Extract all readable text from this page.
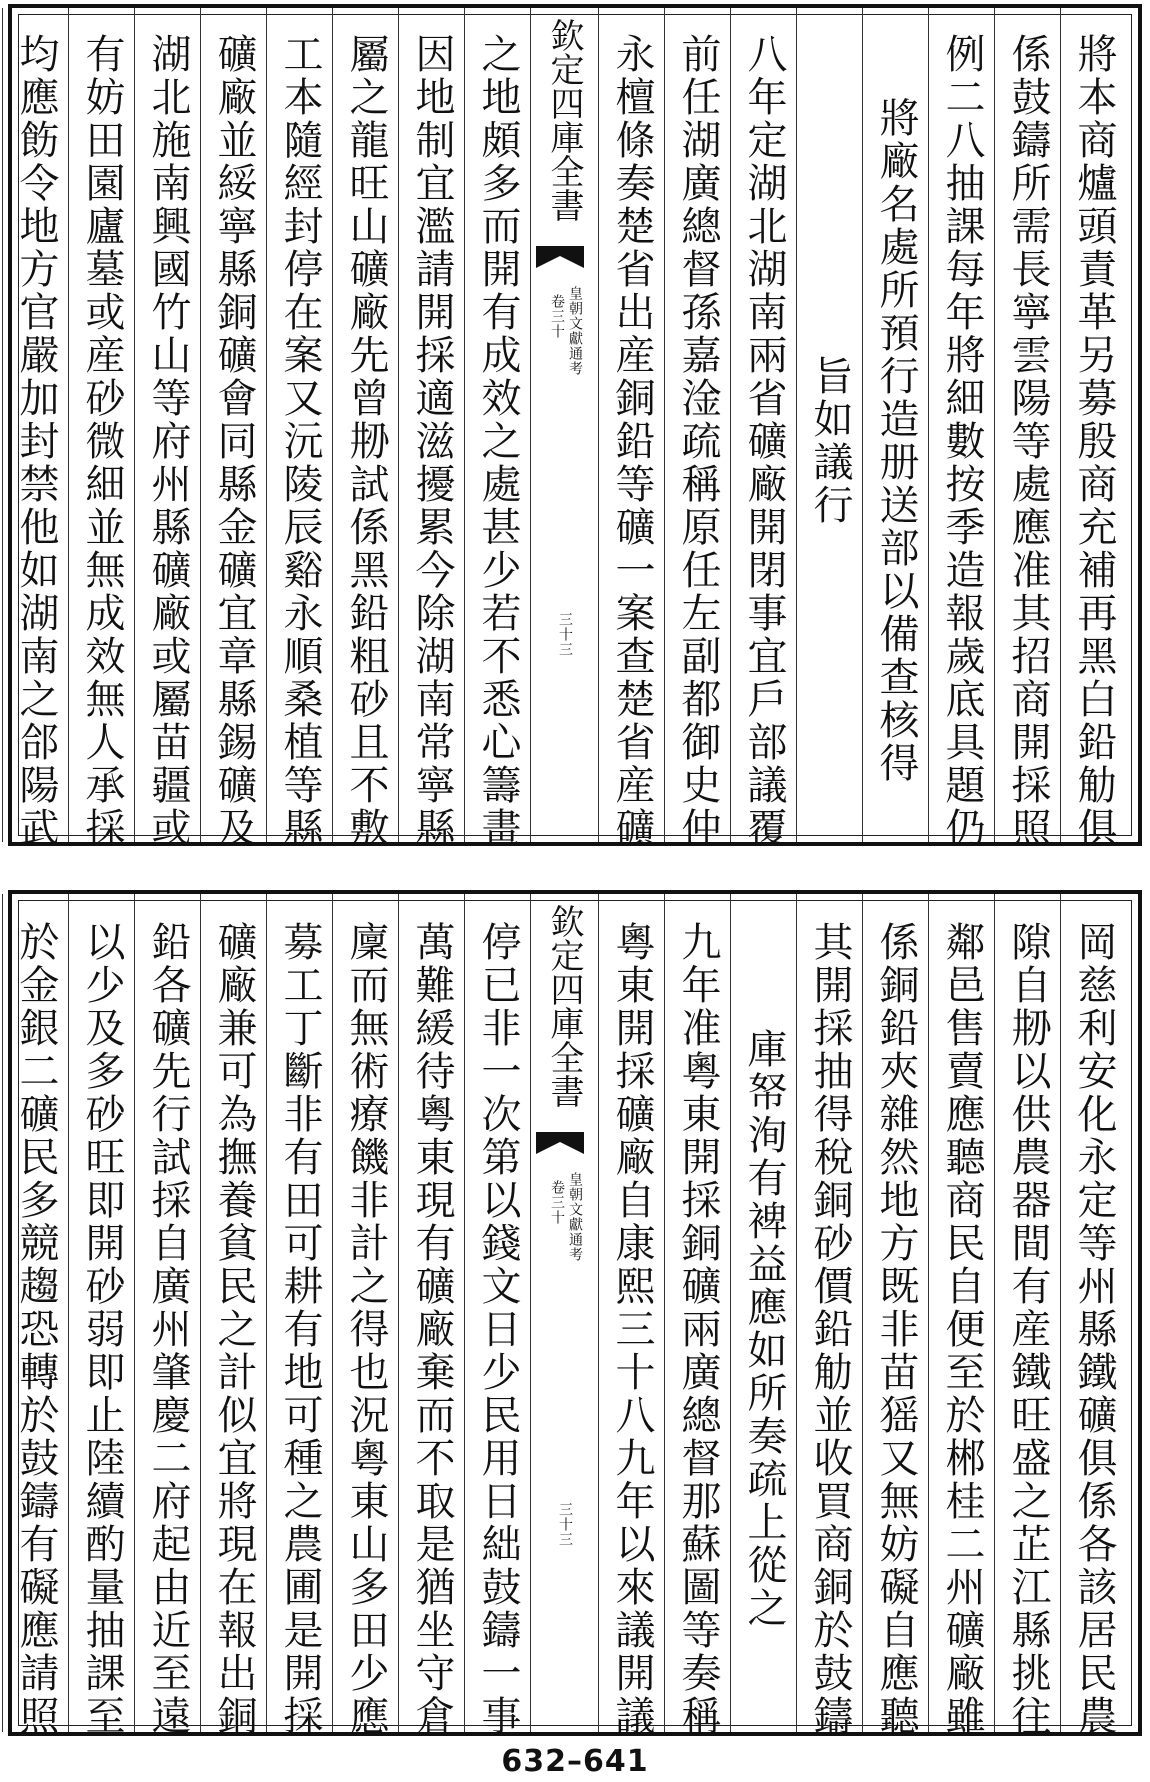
將本商爐頭責革另募殷商充補再黑白鉛觔俱
係鼓鑄所需長寧雲陽等處應准其招商開採照
例二八抽課每年將細數按季造報歲底具題仍
將廠名處所預行造册送部以備查核得
旨如議行
八年定湖北湖南兩省礦廠開閉事宜戶部議覆
前任湖廣總督孫嘉淦疏稱原任左副都御史仲
永檀條奏楚省出産銅鉛等礦一案查楚省産礦
欽定四庫全書
皇朝文獻通考
卷三十
三十三
之地頗多而開有成效之處甚少若不悉心籌畫
因地制宜濫請開採適滋擾累今除湖南常寧縣
屬之龍旺山礦廠先曾刱試係黑鉛粗砂且不敷
工本隨經封停在案又沅陵辰谿永順桑植等縣
礦廠並綏寧縣銅礦會同縣金礦宜章縣錫礦及
湖北施南興國竹山等府州縣礦廠或屬苗疆或
有妨田園廬墓或産砂微細並無成效無人承採
均應飭令地方官嚴加封禁他如湖南之郃陽武
岡慈利安化永定等州縣鐵礦俱係各該居民農
隙自刱以供農器間有産鐵旺盛之芷江縣挑往
鄰邑售賣應聽商民自便至於郴桂二州礦廠雖
係銅鉛夾雜然地方既非苗猺又無妨礙自應聽
其開採抽得稅銅砂價鉛觔並收買商銅於鼓鑄
庫帑洵有裨益應如所奏疏上從之
九年准粵東開採銅礦兩廣總督那蘇圖等奏稱
粵東開採礦廠自康熙三十八九年以來議開議
欽定四庫全書
皇朝文獻通考
卷三十
三十三
停已非一次第以錢文日少民用日絀鼓鑄一事
萬難緩待粵東現有礦廠棄而不取是猶坐守倉
廩而無術療饑非計之得也況粵東山多田少應
募工丁斷非有田可耕有地可種之農圃是開採
礦廠兼可為撫養貧民之計似宜將現在報出銅
鉛各礦先行試採自廣州肇慶二府起由近至遠
以少及多砂旺即開砂弱即止陸續酌量抽課至
於金銀二礦民多競趨恐轉於鼓鑄有礙應請照
632–641
